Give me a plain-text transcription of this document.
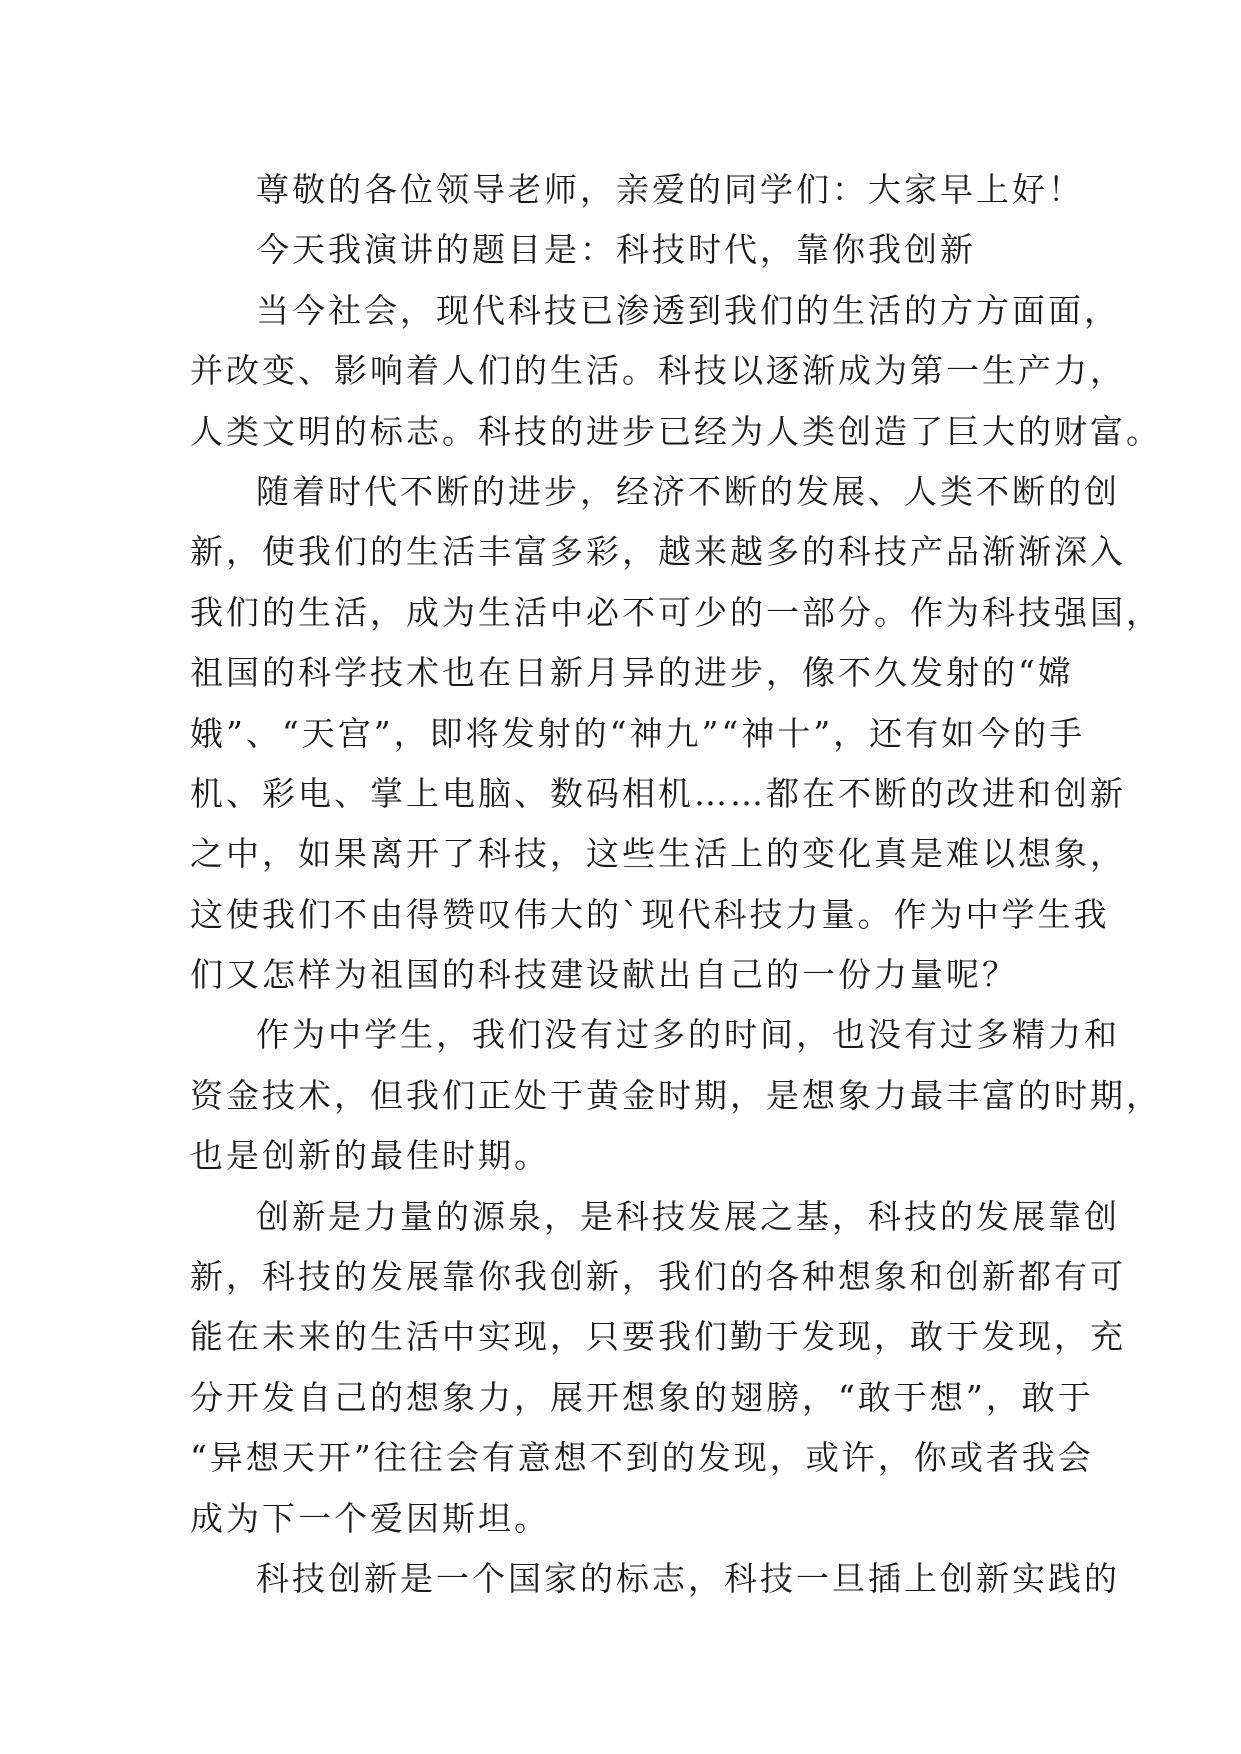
尊敬的各位领导老师，亲爱的同学们：大家早上好！
今天我演讲的题目是：科技时代，靠你我创新
当今社会，现代科技已渗透到我们的生活的方方面面，
并改变、影响着人们的生活。科技以逐渐成为第一生产力，
人类文明的标志。科技的进步已经为人类创造了巨大的财富。
随着时代不断的进步，经济不断的发展、人类不断的创
新，使我们的生活丰富多彩，越来越多的科技产品渐渐深入
我们的生活，成为生活中必不可少的一部分。作为科技强国，
祖国的科学技术也在日新月异的进步，像不久发射的“嫦
娥”、“天宫”，即将发射的“神九”“神十”，还有如今的手
机、彩电、掌上电脑、数码相机……都在不断的改进和创新
之中，如果离开了科技，这些生活上的变化真是难以想象，
这使我们不由得赞叹伟大的`现代科技力量。作为中学生我
们又怎样为祖国的科技建设献出自己的一份力量呢？
作为中学生，我们没有过多的时间，也没有过多精力和
资金技术，但我们正处于黄金时期，是想象力最丰富的时期，
也是创新的最佳时期。
创新是力量的源泉，是科技发展之基，科技的发展靠创
新，科技的发展靠你我创新，我们的各种想象和创新都有可
能在未来的生活中实现，只要我们勤于发现，敢于发现，充
分开发自己的想象力，展开想象的翅膀，“敢于想”，敢于
“异想天开”往往会有意想不到的发现，或许，你或者我会
成为下一个爱因斯坦。
科技创新是一个国家的标志，科技一旦插上创新实践的
